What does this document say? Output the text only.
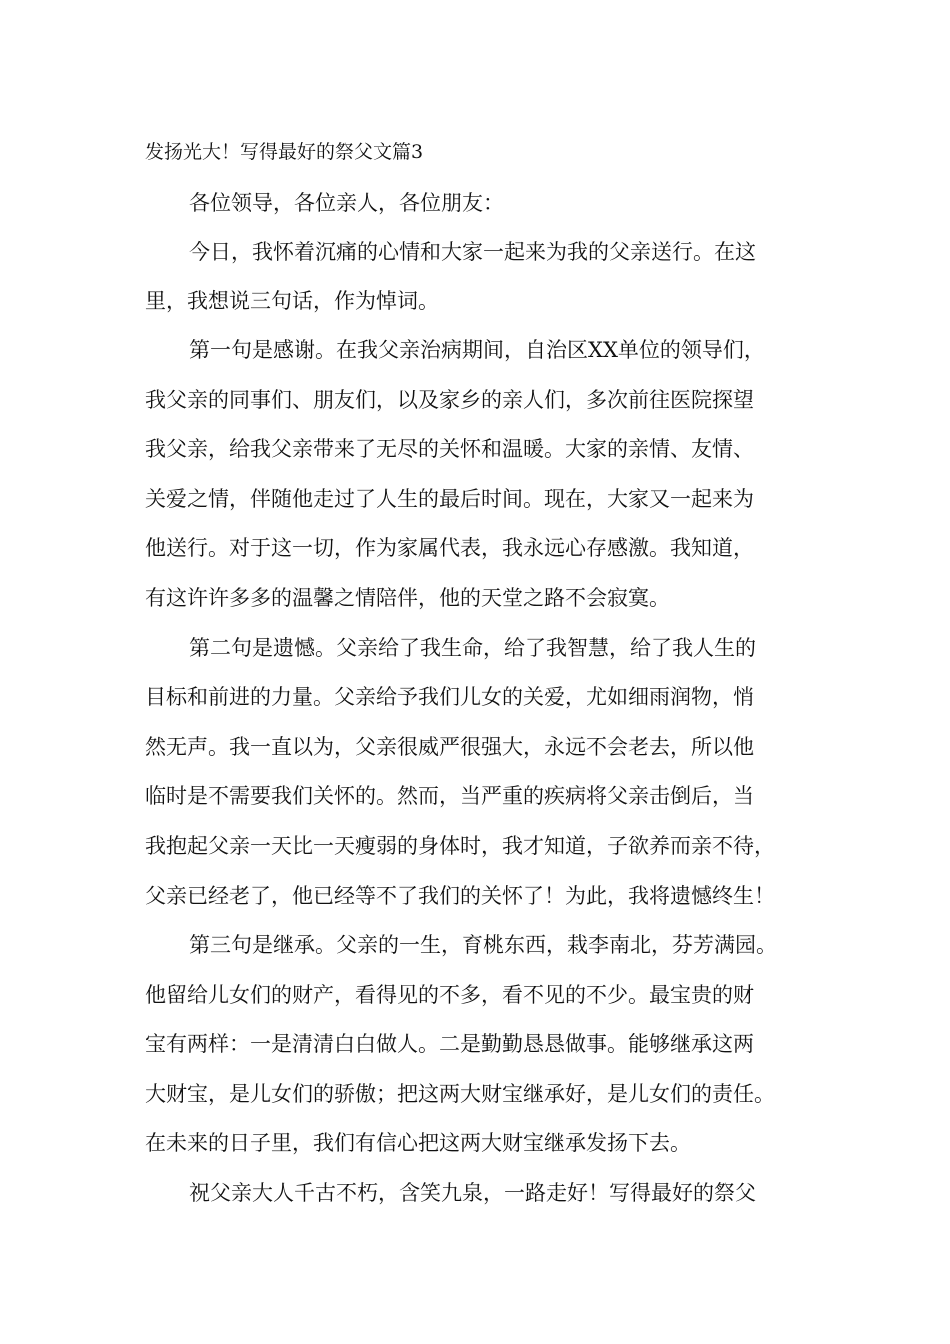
发扬光大！写得最好的祭父文篇3
各位领导，各位亲人，各位朋友：
今日，我怀着沉痛的心情和大家一起来为我的父亲送行。在这
里，我想说三句话，作为悼词。
第一句是感谢。在我父亲治病期间，自治区XX单位的领导们，
我父亲的同事们、朋友们，以及家乡的亲人们，多次前往医院探望
我父亲，给我父亲带来了无尽的关怀和温暖。大家的亲情、友情、
关爱之情，伴随他走过了人生的最后时间。现在，大家又一起来为
他送行。对于这一切，作为家属代表，我永远心存感激。我知道，
有这许许多多的温馨之情陪伴，他的天堂之路不会寂寞。
第二句是遗憾。父亲给了我生命，给了我智慧，给了我人生的
目标和前进的力量。父亲给予我们儿女的关爱，尤如细雨润物，悄
然无声。我一直以为，父亲很威严很强大，永远不会老去，所以他
临时是不需要我们关怀的。然而，当严重的疾病将父亲击倒后，当
我抱起父亲一天比一天瘦弱的身体时，我才知道，子欲养而亲不待，
父亲已经老了，他已经等不了我们的关怀了！为此，我将遗憾终生！
第三句是继承。父亲的一生，育桃东西，栽李南北，芬芳满园。
他留给儿女们的财产，看得见的不多，看不见的不少。最宝贵的财
宝有两样：一是清清白白做人。二是勤勤恳恳做事。能够继承这两
大财宝，是儿女们的骄傲；把这两大财宝继承好，是儿女们的责任。
在未来的日子里，我们有信心把这两大财宝继承发扬下去。
祝父亲大人千古不朽，含笑九泉，一路走好！写得最好的祭父
